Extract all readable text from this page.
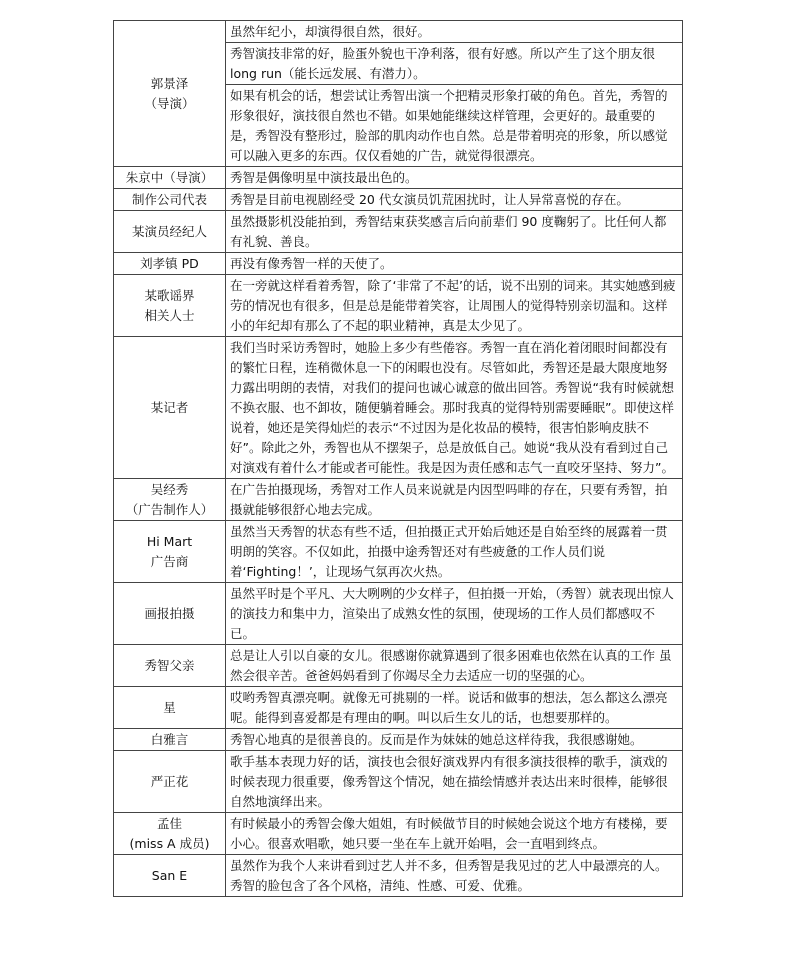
郭景泽
（导演）	虽然年纪小，却演得很自然，很好。

	秀智演技非常的好，脸蛋外貌也干净利落，很有好感。所以产生了这个朋友很 long run（能长远发展、有潜力）。

	如果有机会的话，想尝试让秀智出演一个把精灵形象打破的角色。首先，秀智的形象很好，演技很自然也不错。如果她能继续这样管理，会更好的。最重要的是，秀智没有整形过，脸部的肌肉动作也自然。总是带着明亮的形象，所以感觉可以融入更多的东西。仅仅看她的广告，就觉得很漂亮。

朱京中（导演）	秀智是偶像明星中演技最出色的。

制作公司代表	秀智是目前电视剧经受 20 代女演员饥荒困扰时，让人异常喜悦的存在。

某演员经纪人	虽然摄影机没能拍到，秀智结束获奖感言后向前辈们 90 度鞠躬了。比任何人都有礼貌、善良。

刘孝镇 PD	再没有像秀智一样的天使了。

某歌谣界
相关人士	在一旁就这样看着秀智，除了‘非常了不起’的话，说不出别的词来。其实她感到疲劳的情况也有很多，但是总是能带着笑容，让周围人的觉得特别亲切温和。这样小的年纪却有那么了不起的职业精神，真是太少见了。

某记者	我们当时采访秀智时，她脸上多少有些倦容。秀智一直在消化着闭眼时间都没有的繁忙日程，连稍微休息一下的闲暇也没有。尽管如此，秀智还是最大限度地努力露出明朗的表情，对我们的提问也诚心诚意的做出回答。秀智说“我有时候就想不换衣服、也不卸妆，随便躺着睡会。那时我真的觉得特别需要睡眠”。即使这样说着，她还是笑得灿烂的表示“不过因为是化妆品的模特，很害怕影响皮肤不好”。除此之外，秀智也从不摆架子，总是放低自己。她说“我从没有看到过自己对演戏有着什么才能或者可能性。我是因为责任感和志气一直咬牙坚持、努力”。

吴经秀
（广告制作人）	在广告拍摄现场，秀智对工作人员来说就是内因型吗啡的存在，只要有秀智，拍摄就能够很舒心地去完成。

Hi Mart
广告商	虽然当天秀智的状态有些不适，但拍摄正式开始后她还是自始至终的展露着一贯明朗的笑容。不仅如此，拍摄中途秀智还对有些疲惫的工作人员们说着‘Fighting！’，让现场气氛再次火热。

画报拍摄	虽然平时是个平凡、大大咧咧的少女样子，但拍摄一开始，（秀智）就表现出惊人的演技力和集中力，渲染出了成熟女性的氛围，使现场的工作人员们都感叹不已。

秀智父亲	总是让人引以自豪的女儿。很感谢你就算遇到了很多困难也依然在认真的工作 虽然会很辛苦。爸爸妈妈看到了你竭尽全力去适应一切的坚强的心。

星	哎哟秀智真漂亮啊。就像无可挑剔的一样。说话和做事的想法，怎么都这么漂亮呢。能得到喜爱都是有理由的啊。叫以后生女儿的话，也想要那样的。

白雅言	秀智心地真的是很善良的。反而是作为妹妹的她总这样待我，我很感谢她。

严正花	歌手基本表现力好的话，演技也会很好演戏界内有很多演技很棒的歌手，演戏的时候表现力很重要，像秀智这个情况，她在描绘情感并表达出来时很棒，能够很自然地演绎出来。

孟佳
(miss A 成员)	有时候最小的秀智会像大姐姐，有时候做节目的时候她会说这个地方有楼梯，要小心。很喜欢唱歌，她只要一坐在车上就开始唱，会一直唱到终点。

San E	虽然作为我个人来讲看到过艺人并不多，但秀智是我见过的艺人中最漂亮的人。秀智的脸包含了各个风格，清纯、性感、可爱、优雅。
